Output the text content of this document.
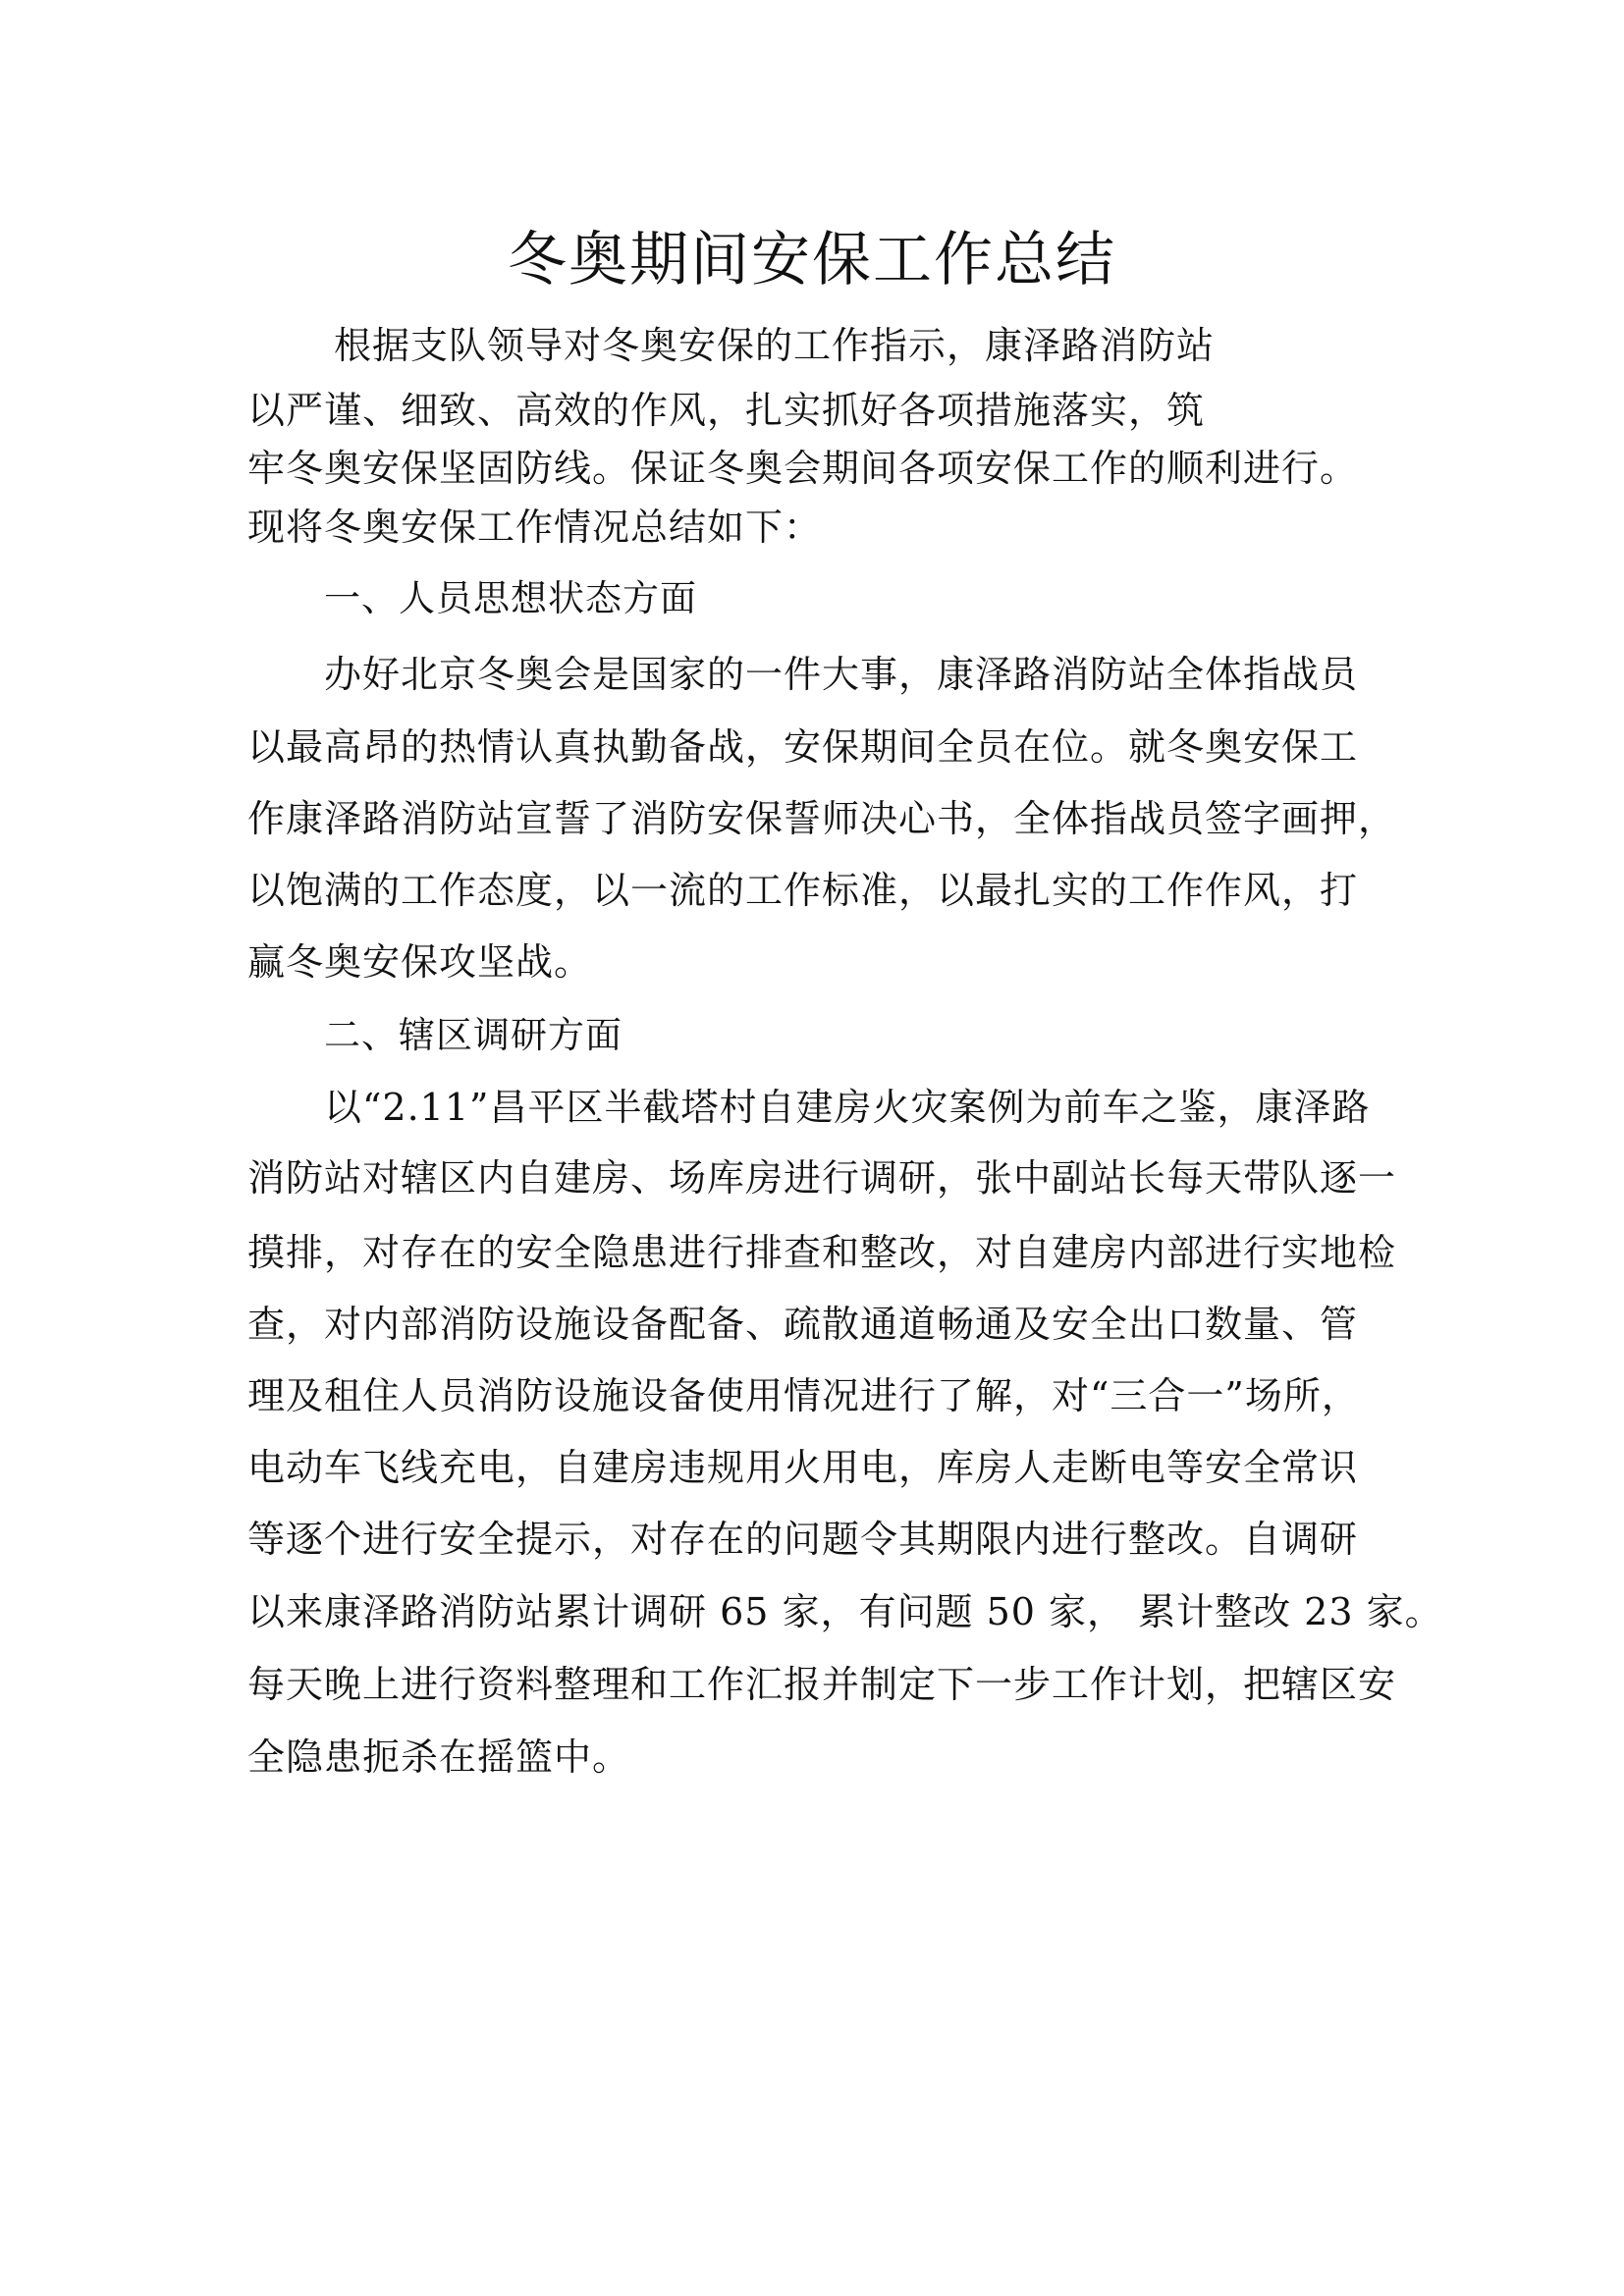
冬奥期间安保工作总结

根据支队领导对冬奥安保的工作指示，康泽路消防站

以严谨、细致、高效的作风，扎实抓好各项措施落实，筑

牢冬奥安保坚固防线。保证冬奥会期间各项安保工作的顺利进行。

现将冬奥安保工作情况总结如下：

一、人员思想状态方面

办好北京冬奥会是国家的一件大事，康泽路消防站全体指战员

以最高昂的热情认真执勤备战，安保期间全员在位。就冬奥安保工

作康泽路消防站宣誓了消防安保誓师决心书，全体指战员签字画押，

以饱满的工作态度，以一流的工作标准，以最扎实的工作作风，打

赢冬奥安保攻坚战。

二、辖区调研方面

以“2.11”昌平区半截塔村自建房火灾案例为前车之鉴，康泽路

消防站对辖区内自建房、场库房进行调研，张中副站长每天带队逐一

摸排，对存在的安全隐患进行排查和整改，对自建房内部进行实地检

查，对内部消防设施设备配备、疏散通道畅通及安全出口数量、管

理及租住人员消防设施设备使用情况进行了解，对“三合一”场所，

电动车飞线充电，自建房违规用火用电，库房人走断电等安全常识

等逐个进行安全提示，对存在的问题令其期限内进行整改。自调研

以来康泽路消防站累计调研 65 家，有问题 50 家， 累计整改 23 家。

每天晚上进行资料整理和工作汇报并制定下一步工作计划，把辖区安

全隐患扼杀在摇篮中。
